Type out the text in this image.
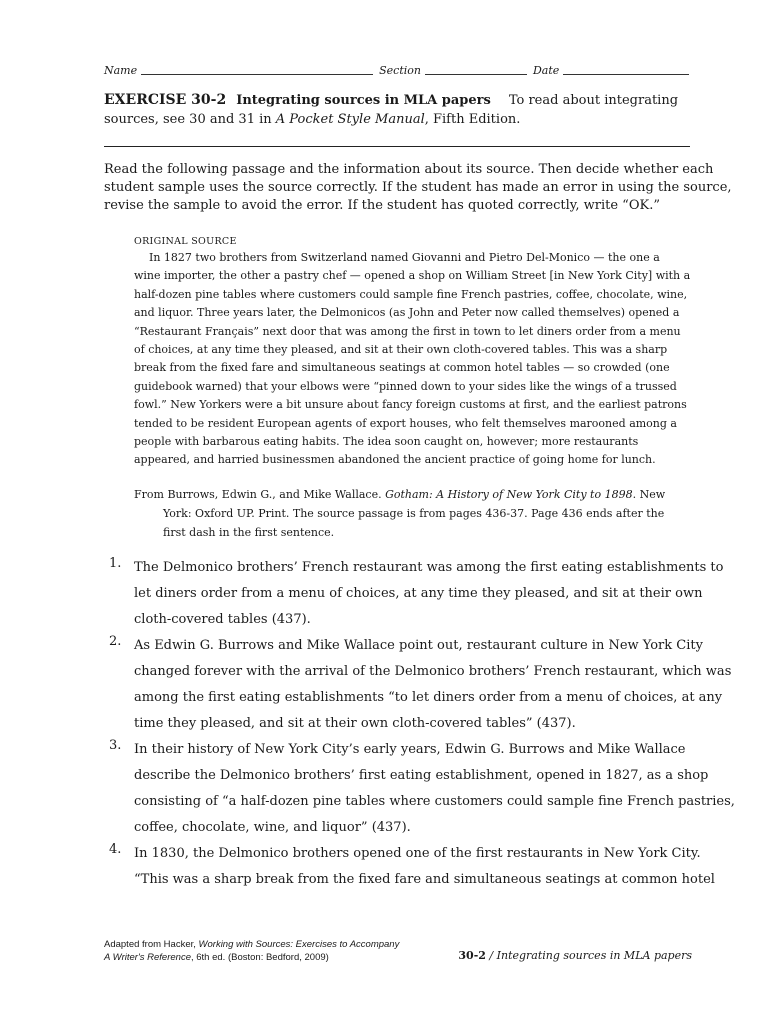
Name	Section	Date
EXERCISE 30-2 Integrating sources in MLA papers To read about integrating
sources, see 30 and 31 in A Pocket Style Manual, Fifth Edition.
Read the following passage and the information about its source. Then decide whether each
student sample uses the source correctly. If the student has made an error in using the source,
revise the sample to avoid the error. If the student has quoted correctly, write “OK.”
ORIGINAL SOURCE
In 1827 two brothers from Switzerland named Giovanni and Pietro Del-Monico — the one a
wine importer, the other a pastry chef — opened a shop on William Street [in New York City] with a
half-dozen pine tables where customers could sample fine French pastries, coffee, chocolate, wine,
and liquor. Three years later, the Delmonicos (as John and Peter now called themselves) opened a
“Restaurant Français” next door that was among the first in town to let diners order from a menu
of choices, at any time they pleased, and sit at their own cloth-covered tables. This was a sharp
break from the fixed fare and simultaneous seatings at common hotel tables — so crowded (one
guidebook warned) that your elbows were “pinned down to your sides like the wings of a trussed
fowl.” New Yorkers were a bit unsure about fancy foreign customs at first, and the earliest patrons
tended to be resident European agents of export houses, who felt themselves marooned among a
people with barbarous eating habits. The idea soon caught on, however; more restaurants
appeared, and harried businessmen abandoned the ancient practice of going home for lunch.
From Burrows, Edwin G., and Mike Wallace. Gotham: A History of New York City to 1898. New
York: Oxford UP. Print. The source passage is from pages 436-37. Page 436 ends after the
first dash in the first sentence.
1. The Delmonico brothers’ French restaurant was among the first eating establishments to
let diners order from a menu of choices, at any time they pleased, and sit at their own
cloth-covered tables (437).
2. As Edwin G. Burrows and Mike Wallace point out, restaurant culture in New York City
changed forever with the arrival of the Delmonico brothers’ French restaurant, which was
among the first eating establishments “to let diners order from a menu of choices, at any
time they pleased, and sit at their own cloth-covered tables” (437).
3. In their history of New York City’s early years, Edwin G. Burrows and Mike Wallace
describe the Delmonico brothers’ first eating establishment, opened in 1827, as a shop
consisting of “a half-dozen pine tables where customers could sample fine French pastries,
coffee, chocolate, wine, and liquor” (437).
4. In 1830, the Delmonico brothers opened one of the first restaurants in New York City.
“This was a sharp break from the fixed fare and simultaneous seatings at common hotel
Adapted from Hacker, Working with Sources: Exercises to Accompany
A Writer's Reference, 6th ed. (Boston: Bedford, 2009)	30-2 / Integrating sources in MLA papers
